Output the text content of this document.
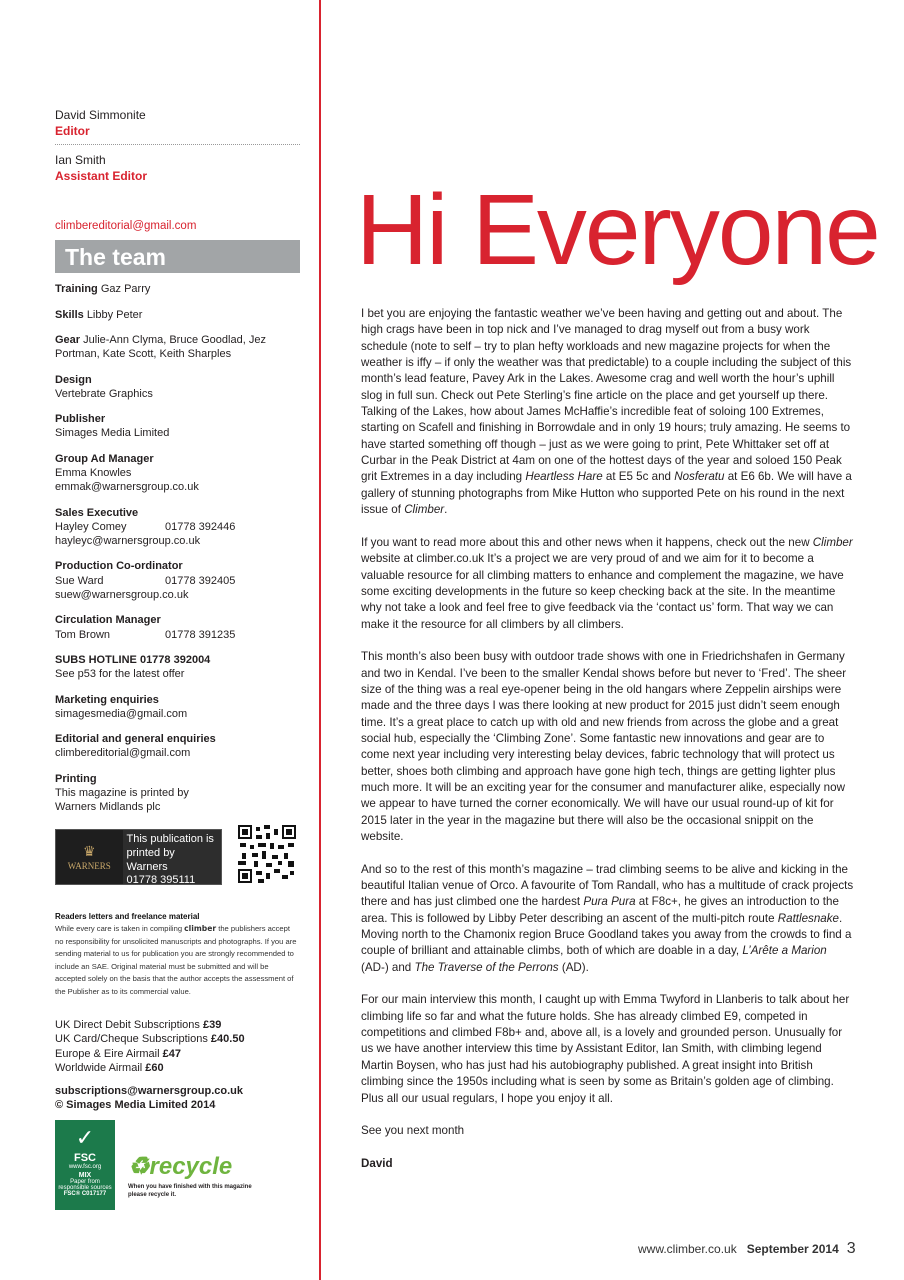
David Simmonite
Editor
Ian Smith
Assistant Editor
climbereditorial@gmail.com
The team
Training Gaz Parry
Skills Libby Peter
Gear Julie-Ann Clyma, Bruce Goodlad, Jez Portman, Kate Scott, Keith Sharples
Design
Vertebrate Graphics
Publisher
Simages Media Limited
Group Ad Manager
Emma Knowles
emmak@warnersgroup.co.uk
Sales Executive
Hayley Comey	01778 392446
hayleyc@warnersgroup.co.uk
Production Co-ordinator
Sue Ward	01778 392405
suew@warnersgroup.co.uk
Circulation Manager
Tom Brown	01778 391235
SUBS HOTLINE 01778 392004
See p53 for the latest offer
Marketing enquiries
simagesmedia@gmail.com
Editorial and general enquiries
climbereditorial@gmail.com
Printing
This magazine is printed by
Warners Midlands plc
♛
WARNERS
This publication is
printed by Warners
01778 395111
Readers letters and freelance material
While every care is taken in compiling climber the publishers accept no responsibility for unsolicited manuscripts and photographs. If you are sending material to us for publication you are strongly recommended to include an SAE. Original material must be submitted and will be accepted solely on the basis that the author accepts the assessment of the Publisher as to its commercial value.
UK Direct Debit Subscriptions £39
UK Card/Cheque Subscriptions £40.50
Europe & Eire Airmail £47
Worldwide Airmail £60
subscriptions@warnersgroup.co.uk
© Simages Media Limited 2014
✓
FSC
www.fsc.org
MIX
Paper from responsible sources
FSC® C017177
♻recycle
When you have finished with this magazine please recycle it.
Hi Everyone

I bet you are enjoying the fantastic weather we’ve been having and getting out and about. The high crags have been in top nick and I’ve managed to drag myself out from a busy work schedule (note to self – try to plan hefty workloads and new magazine projects for when the weather is iffy – if only the weather was that predictable) to a couple including the subject of this month’s lead feature, Pavey Ark in the Lakes. Awesome crag and well worth the hour’s uphill slog in full sun. Check out Pete Sterling’s fine article on the place and get yourself up there. Talking of the Lakes, how about James McHaffie’s incredible feat of soloing 100 Extremes, starting on Scafell and finishing in Borrowdale and in only 19 hours; truly amazing. He seems to have started something off though – just as we were going to print, Pete Whittaker set off at Curbar in the Peak District at 4am on one of the hottest days of the year and soloed 150 Peak grit Extremes in a day including Heartless Hare at E5 5c and Nosferatu at E6 6b. We will have a gallery of stunning photographs from Mike Hutton who supported Pete on his round in the next issue of Climber.

If you want to read more about this and other news when it happens, check out the new Climber website at climber.co.uk It’s a project we are very proud of and we aim for it to become a valuable resource for all climbing matters to enhance and complement the magazine, we have some exciting developments in the future so keep checking back at the site. In the meantime why not take a look and feel free to give feedback via the ‘contact us’ form. That way we can make it the resource for all climbers by all climbers.

This month’s also been busy with outdoor trade shows with one in Friedrichshafen in Germany and two in Kendal. I’ve been to the smaller Kendal shows before but never to ‘Fred’. The sheer size of the thing was a real eye-opener being in the old hangars where Zeppelin airships were made and the three days I was there looking at new product for 2015 just didn’t seem enough time. It’s a great place to catch up with old and new friends from across the globe and a great social hub, especially the ‘Climbing Zone’. Some fantastic new innovations and gear are to come next year including very interesting belay devices, fabric technology that will protect us better, shoes both climbing and approach have gone high tech, things are getting lighter plus much more. It will be an exciting year for the consumer and manufacturer alike, especially now we appear to have turned the corner economically. We will have our usual round-up of kit for 2015 later in the year in the magazine but there will also be the occasional snippit on the website.

And so to the rest of this month’s magazine – trad climbing seems to be alive and kicking in the beautiful Italian venue of Orco. A favourite of Tom Randall, who has a multitude of crack projects there and has just climbed one the hardest Pura Pura at F8c+, he gives an introduction to the area. This is followed by Libby Peter describing an ascent of the multi-pitch route Rattlesnake. Moving north to the Chamonix region Bruce Goodland takes you away from the crowds to find a couple of brilliant and attainable climbs, both of which are doable in a day, L’Arête a Marion (AD-) and The Traverse of the Perrons (AD).

For our main interview this month, I caught up with Emma Twyford in Llanberis to talk about her climbing life so far and what the future holds. She has already climbed E9, competed in competitions and climbed F8b+ and, above all, is a lovely and grounded person. Unusually for us we have another interview this time by Assistant Editor, Ian Smith, with climbing legend Martin Boysen, who has just had his autobiography published. A great insight into British climbing since the 1950s including what is seen by some as Britain’s golden age of climbing. Plus all our usual regulars, I hope you enjoy it all.

See you next month

David

www.climber.co.uk September 2014 3
